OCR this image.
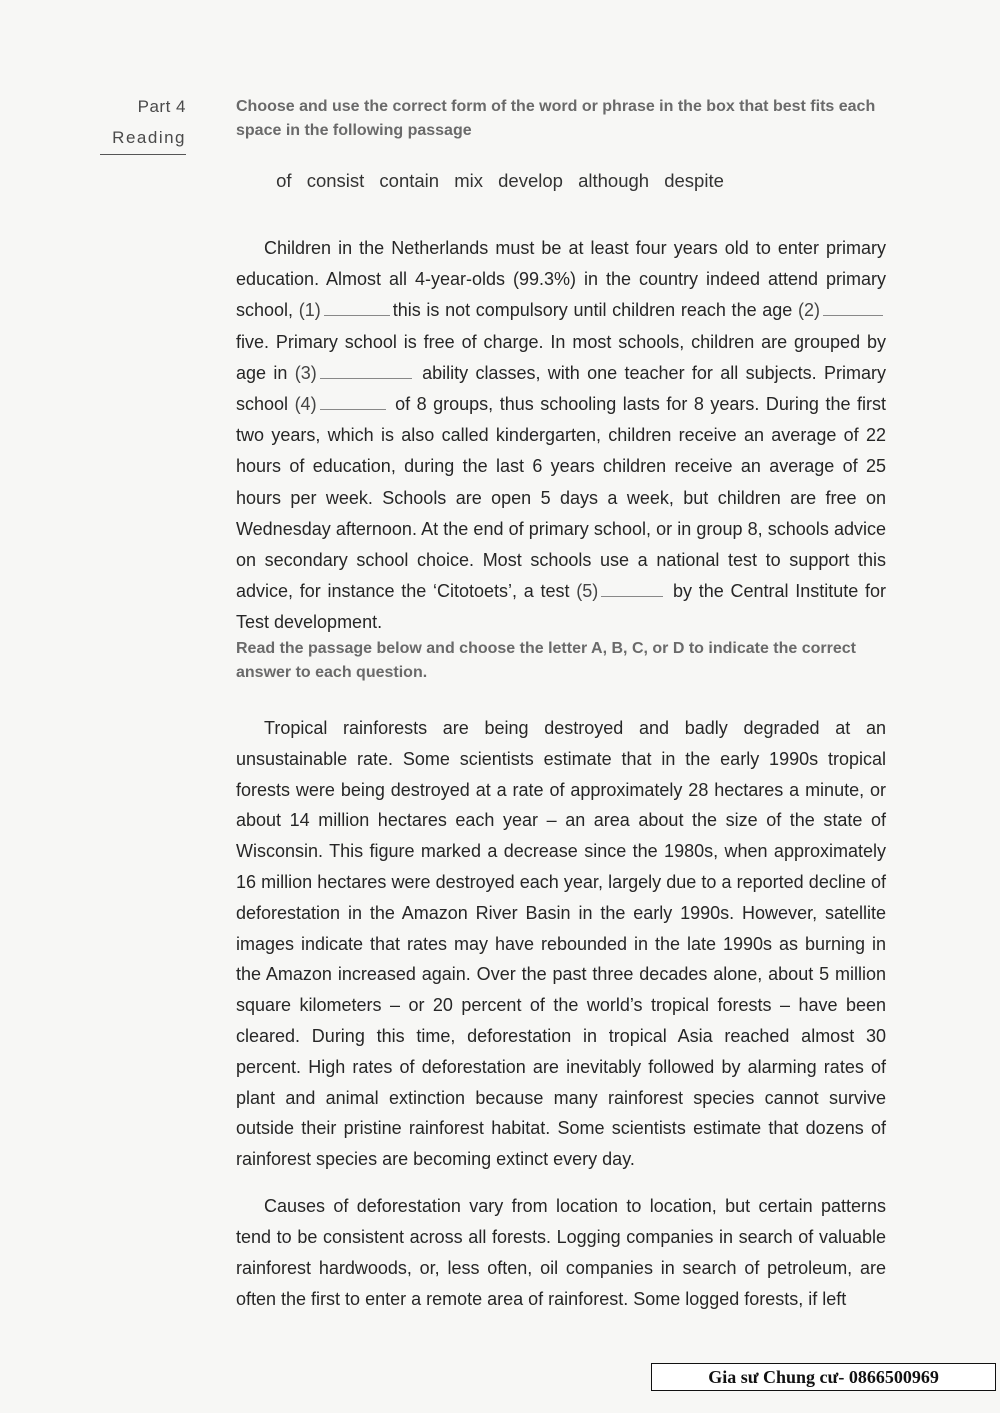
Part 4
Reading
Choose and use the correct form of the word or phrase in the box that best fits each space in the following passage
of consist contain mix develop although despite

Children in the Netherlands must be at least four years old to enter primary education. Almost all 4-year-olds (99.3%) in the country indeed attend primary school, (1)	this is not compulsory until children reach the age (2) five. Primary school is free of charge. In most schools, children are grouped by age in (3)	ability classes, with one teacher for all subjects. Primary school (4)	of 8 groups, thus schooling lasts for 8 years. During the first two years, which is also called kindergarten, children receive an average of 22 hours of education, during the last 6 years children receive an average of 25 hours per week. Schools are open 5 days a week, but children are free on Wednesday afternoon. At the end of primary school, or in group 8, schools advice on secondary school choice. Most schools use a national test to support this advice, for instance the ‘Citotoets’, a test (5)	by the Central Institute for Test development.

Read the passage below and choose the letter A, B, C, or D to indicate the correct answer to each question.

Tropical rainforests are being destroyed and badly degraded at an unsustainable rate. Some scientists estimate that in the early 1990s tropical forests were being destroyed at a rate of approximately 28 hectares a minute, or about 14 million hectares each year – an area about the size of the state of Wisconsin. This figure marked a decrease since the 1980s, when approximately 16 million hectares were destroyed each year, largely due to a reported decline of deforestation in the Amazon River Basin in the early 1990s. However, satellite images indicate that rates may have rebounded in the late 1990s as burning in the Amazon increased again. Over the past three decades alone, about 5 million square kilometers – or 20 percent of the world’s tropical forests – have been cleared. During this time, deforestation in tropical Asia reached almost 30 percent. High rates of deforestation are inevitably followed by alarming rates of plant and animal extinction because many rainforest species cannot survive outside their pristine rainforest habitat. Some scientists estimate that dozens of rainforest species are becoming extinct every day.

Causes of deforestation vary from location to location, but certain patterns tend to be consistent across all forests. Logging companies in search of valuable rainforest hardwoods, or, less often, oil companies in search of petroleum, are often the first to enter a remote area of rainforest. Some logged forests, if left

Gia sư Chung cư- 0866500969
